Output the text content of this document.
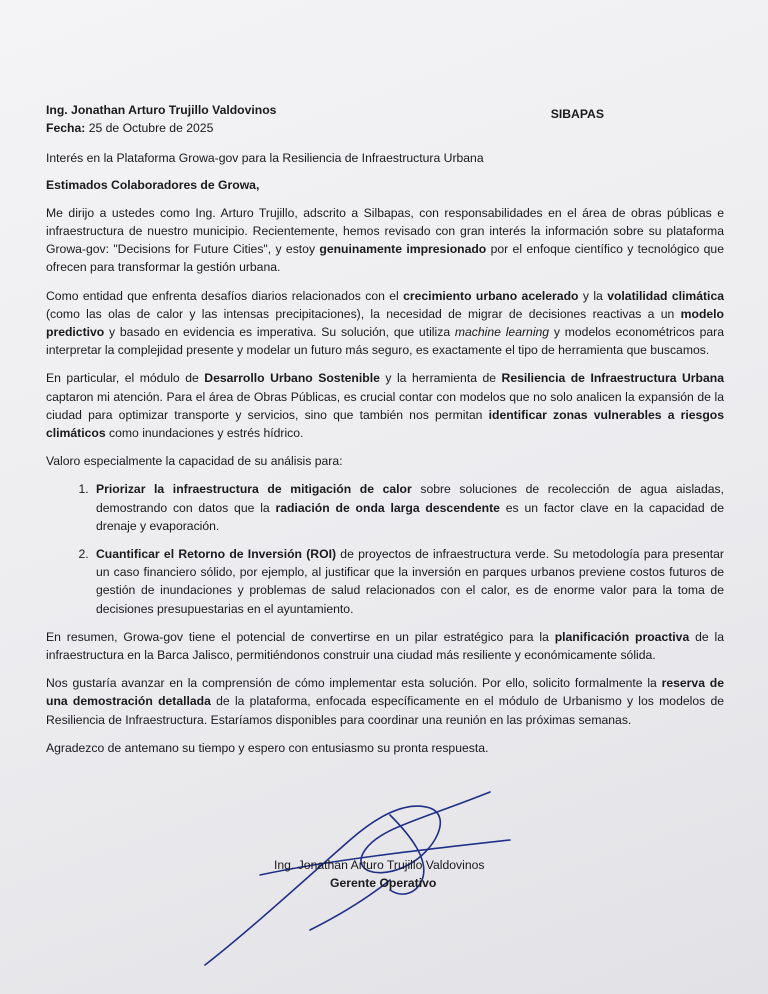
Ing. Jonathan Arturo Trujillo Valdovinos

Fecha: 25 de Octubre de 2025

SIBAPAS

Interés en la Plataforma Growa-gov para la Resiliencia de Infraestructura Urbana

Estimados Colaboradores de Growa,

Me dirijo a ustedes como Ing. Arturo Trujillo, adscrito a Silbapas, con responsabilidades en el área de obras públicas e infraestructura de nuestro municipio. Recientemente, hemos revisado con gran interés la información sobre su plataforma Growa-gov: "Decisions for Future Cities", y estoy genuinamente impresionado por el enfoque científico y tecnológico que ofrecen para transformar la gestión urbana.

Como entidad que enfrenta desafíos diarios relacionados con el crecimiento urbano acelerado y la volatilidad climática (como las olas de calor y las intensas precipitaciones), la necesidad de migrar de decisiones reactivas a un modelo predictivo y basado en evidencia es imperativa. Su solución, que utiliza machine learning y modelos econométricos para interpretar la complejidad presente y modelar un futuro más seguro, es exactamente el tipo de herramienta que buscamos.

En particular, el módulo de Desarrollo Urbano Sostenible y la herramienta de Resiliencia de Infraestructura Urbana captaron mi atención. Para el área de Obras Públicas, es crucial contar con modelos que no solo analicen la expansión de la ciudad para optimizar transporte y servicios, sino que también nos permitan identificar zonas vulnerables a riesgos climáticos como inundaciones y estrés hídrico.

Valoro especialmente la capacidad de su análisis para:

1. Priorizar la infraestructura de mitigación de calor sobre soluciones de recolección de agua aisladas, demostrando con datos que la radiación de onda larga descendente es un factor clave en la capacidad de drenaje y evaporación.
2. Cuantificar el Retorno de Inversión (ROI) de proyectos de infraestructura verde. Su metodología para presentar un caso financiero sólido, por ejemplo, al justificar que la inversión en parques urbanos previene costos futuros de gestión de inundaciones y problemas de salud relacionados con el calor, es de enorme valor para la toma de decisiones presupuestarias en el ayuntamiento.

En resumen, Growa-gov tiene el potencial de convertirse en un pilar estratégico para la planificación proactiva de la infraestructura en la Barca Jalisco, permitiéndonos construir una ciudad más resiliente y económicamente sólida.

Nos gustaría avanzar en la comprensión de cómo implementar esta solución. Por ello, solicito formalmente la reserva de una demostración detallada de la plataforma, enfocada específicamente en el módulo de Urbanismo y los modelos de Resiliencia de Infraestructura. Estaríamos disponibles para coordinar una reunión en las próximas semanas.

Agradezco de antemano su tiempo y espero con entusiasmo su pronta respuesta.

Ing. Jonathan Arturo Trujillo Valdovinos
Gerente Operativo
